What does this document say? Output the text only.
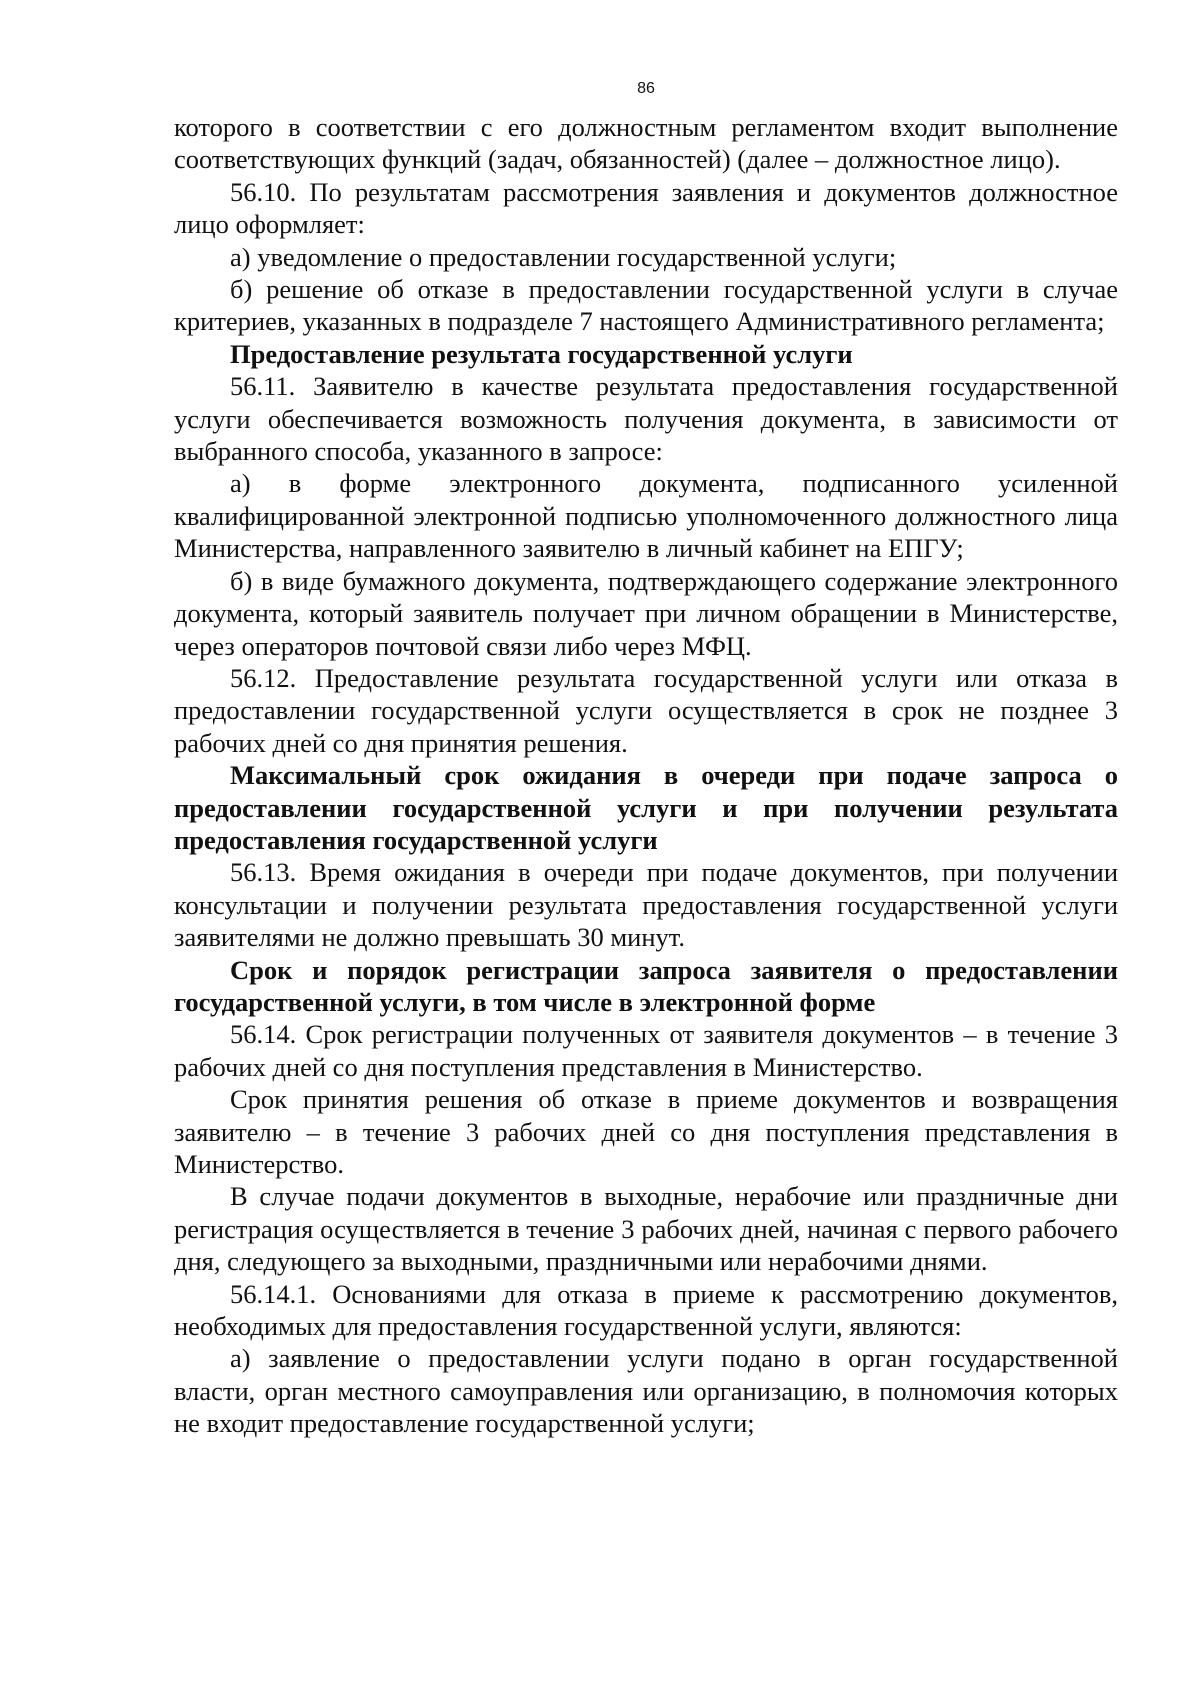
86

которого в соответствии с его должностным регламентом входит выполнение соответствующих функций (задач, обязанностей) (далее – должностное лицо).

56.10. По результатам рассмотрения заявления и документов должностное лицо оформляет:

а) уведомление о предоставлении государственной услуги;

б) решение об отказе в предоставлении государственной услуги в случае критериев, указанных в подразделе 7 настоящего Административного регламента;

Предоставление результата государственной услуги

56.11. Заявителю в качестве результата предоставления государственной услуги обеспечивается возможность получения документа, в зависимости от выбранного способа, указанного в запросе:

а) в форме электронного документа, подписанного усиленной квалифицированной электронной подписью уполномоченного должностного лица Министерства, направленного заявителю в личный кабинет на ЕПГУ;

б) в виде бумажного документа, подтверждающего содержание электронного документа, который заявитель получает при личном обращении в Министерстве, через операторов почтовой связи либо через МФЦ.

56.12. Предоставление результата государственной услуги или отказа в предоставлении государственной услуги осуществляется в срок не позднее 3 рабочих дней со дня принятия решения.

Максимальный срок ожидания в очереди при подаче запроса о предоставлении государственной услуги и при получении результата предоставления государственной услуги

56.13. Время ожидания в очереди при подаче документов, при получении консультации и получении результата предоставления государственной услуги заявителями не должно превышать 30 минут.

Срок и порядок регистрации запроса заявителя о предоставлении государственной услуги, в том числе в электронной форме

56.14. Срок регистрации полученных от заявителя документов – в течение 3 рабочих дней со дня поступления представления в Министерство.

Срок принятия решения об отказе в приеме документов и возвращения заявителю – в течение 3 рабочих дней со дня поступления представления в Министерство.

В случае подачи документов в выходные, нерабочие или праздничные дни регистрация осуществляется в течение 3 рабочих дней, начиная с первого рабочего дня, следующего за выходными, праздничными или нерабочими днями.

56.14.1. Основаниями для отказа в приеме к рассмотрению документов, необходимых для предоставления государственной услуги, являются:

а) заявление о предоставлении услуги подано в орган государственной власти, орган местного самоуправления или организацию, в полномочия которых не входит предоставление государственной услуги;
